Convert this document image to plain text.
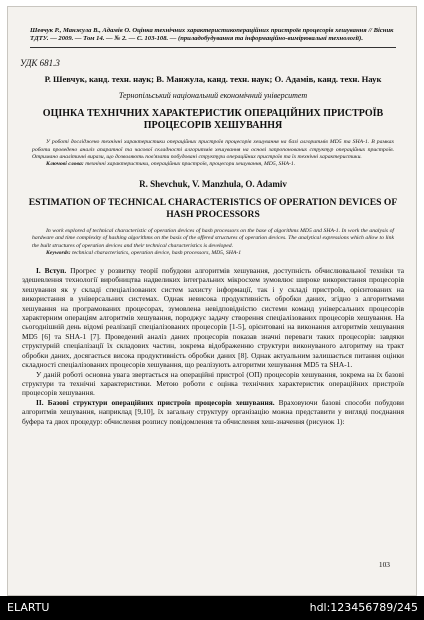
Шевчук Р., Манжула В., Адамів О. Оцінка технічних характеристикопераційних пристроїв процесорів хешування // Вісник ТДТУ. — 2009. — Том 14. — № 2. — С. 103-108. — (приладобудування та інформаційно-вимірювальні технології).
УДК 681.3
Р. Шевчук, канд. техн. наук; В. Манжула, канд. техн. наук; О. Адамів, канд. техн. Наук
Тернопільський національний економічний університет
ОЦІНКА ТЕХНІЧНИХ ХАРАКТЕРИСТИК ОПЕРАЦІЙНИХ ПРИСТРОЇВ ПРОЦЕСОРІВ ХЕШУВАННЯ
У роботі досліджено технічні характеристики операційних пристроїв процесорів хешування на базі алгоритмів MD5 та SHA-1. В рамках роботи проведено аналіз апаратної та часової складності алгоритмів хешування на основі запропонованих структур операційних пристроїв. Отримано аналітичні вирази, що дозволяють пов'язати побудовані структури операційних пристроїв та їх технічні характеристики.
Ключові слова: технічні характеристики, операційних пристроїв, процесори хешування, MD5, SHA-1.
R. Shevchuk, V. Manzhula, O. Adamiv
ESTIMATION OF TECHNICAL CHARACTERISTICS OF OPERATION DEVICES OF HASH PROCESSORS
In work explored of technical characteristic of operation devices of hash processors on the base of algorithms MD5 and SHA-1. In work the analysis of hardware and time complexity of hashing algorithms on the basis of the offered structures of operation devices. The analytical expressions which allow to link the built structures of operation devices and their technical characteristics is developed.
Keywords: technical characteristics, operation device, hash processors, MD5, SHA-1

І. Вступ. Прогрес у розвитку теорії побудови алгоритмів хешування, доступність обчислювальної техніки та здешевлення технології виробництва надвеликих інтегральних мікросхем зумовлює широке використання процесорів хешування як у складі спеціалізованих систем захисту інформації, так і у складі пристроїв, орієнтованих на використання в універсальних системах. Однак невисока продуктивність обробки даних, згідно з алгоритмами хешування на програмованих процесорах, зумовлена невідповідністю системи команд універсальних процесорів характерним операціям алгоритмів хешування, породжує задачу створення спеціалізованих процесорів хешування. На сьогоднішній день відомі реалізації спеціалізованих процесорів [1-5], орієнтовані на виконання алгоритмів хешування MD5 [6] та SHA-1 [7]. Проведений аналіз даних процесорів показав значні переваги таких процесорів: завдяки структурній спеціалізації їх складових частин, зокрема відображенню структури виконуваного алгоритму на тракт обробки даних, досягається висока продуктивність обробки даних [8]. Однак актуальним залишається питання оцінки складності спеціалізованих процесорів хешування, що реалізують алгоритми хешування MD5 та SHA-1.

У даній роботі основна увага звертається на операційні пристрої (ОП) процесорів хешування, зокрема на їх базові структури та технічні характеристики. Метою роботи є оцінка технічних характеристик операційних пристроїв процесорів хешування.

ІІ. Базові структури операційних пристроїв процесорів хешування. Враховуючи базові способи побудови алгоритмів хешування, наприклад [9,10], їх загальну структуру організацію можна представити у вигляді поєднання буфера та двох процедур: обчислення розпису повідомлення та обчислення хеш-значення (рисунок 1):

103
ELARTU	hdl:123456789/245
